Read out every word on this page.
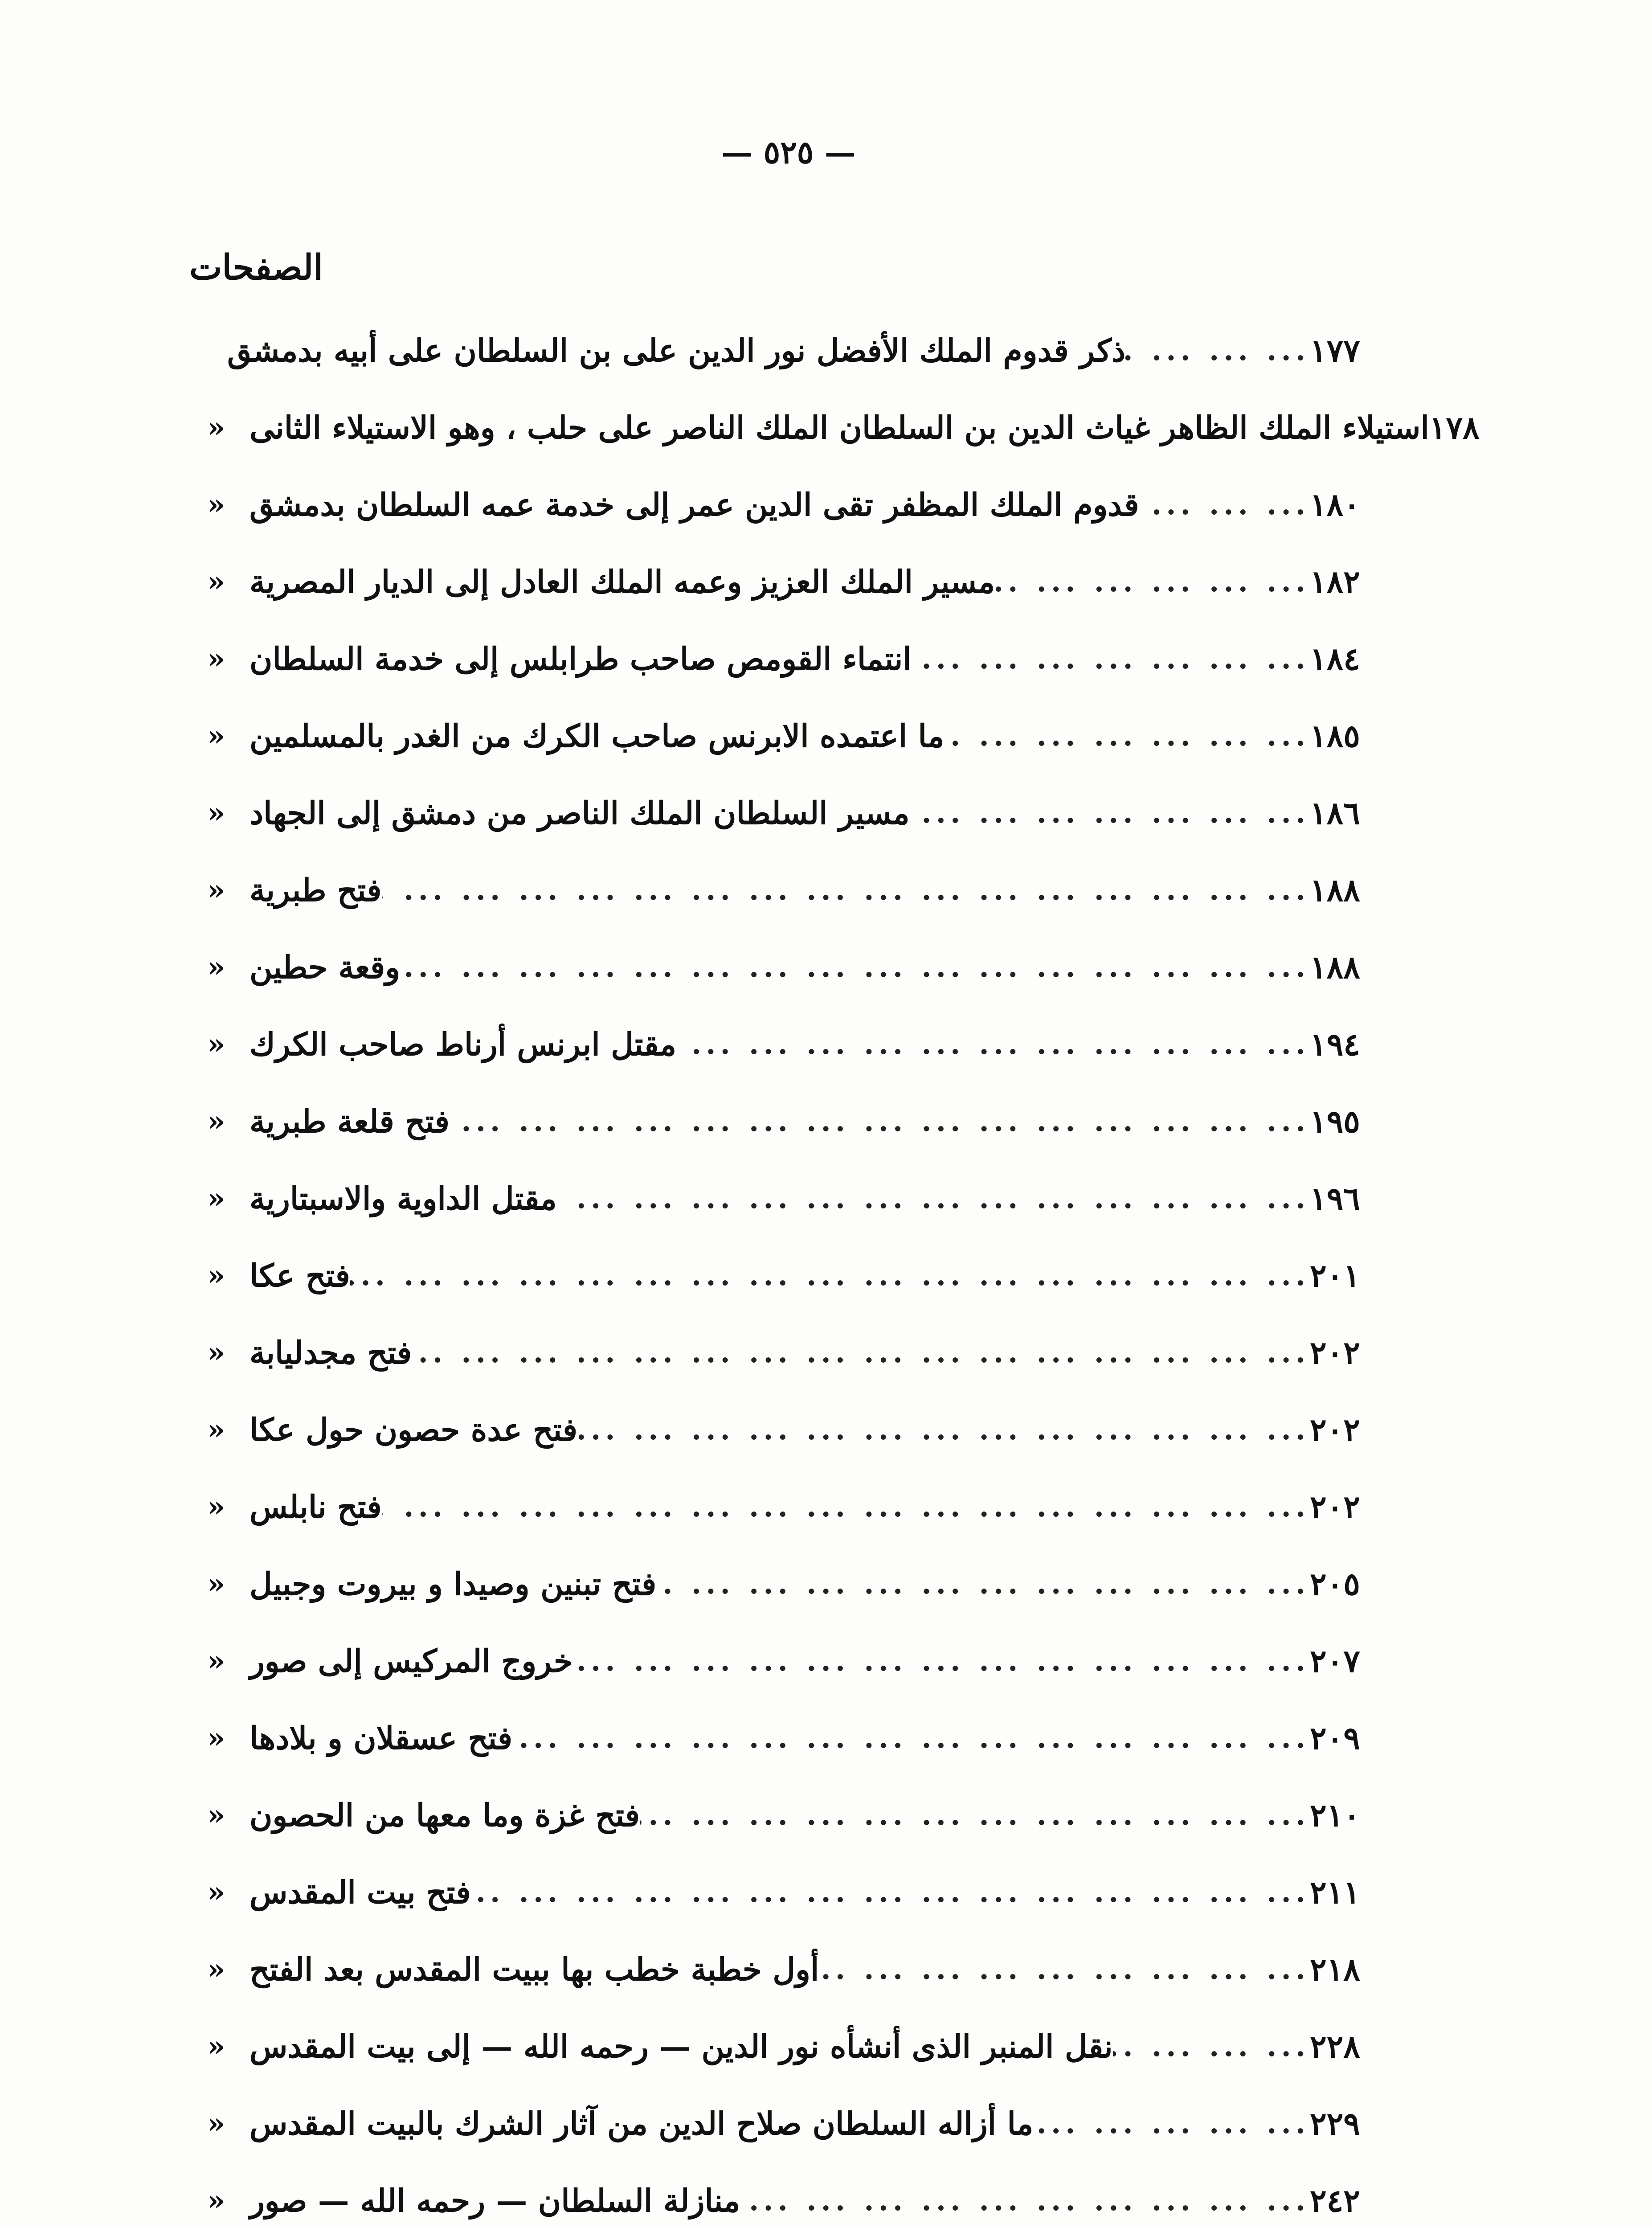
— ٥٢٥ —
الصفحات
ذكر قدوم الملك الأفضل نور الدين على بن السلطان على أبيه بدمشق ... .	١٧٧
« استيلاء الملك الظاهر غياث الدين بن السلطان الملك الناصر على حلب ، وهو الاستيلاء الثانى ١٧٨
« قدوم الملك المظفر تقى الدين عمر إلى خدمة عمه السلطان بدمشق ... .	١٨٠
« مسير الملك العزيز وعمه الملك العادل إلى الديار المصرية ... .	١٨٢
« انتماء القومص صاحب طرابلس إلى خدمة السلطان ... .	١٨٤
« ما اعتمده الابرنس صاحب الكرك من الغدر بالمسلمين ... .	١٨٥
« مسير السلطان الملك الناصر من دمشق إلى الجهاد ... .	١٨٦
« فتح طبرية ... .	١٨٨
« وقعة حطين ... .	١٨٨
« مقتل ابرنس أرناط صاحب الكرك ... .	١٩٤
« فتح قلعة طبرية ... .	١٩٥
« مقتل الداوية والاسبتارية ... .	١٩٦
« فتح عكا ... .	٢٠١
« فتح مجدليابة ... .	٢٠٢
« فتح عدة حصون حول عكا ... .	٢٠٢
« فتح نابلس ... .	٢٠٢
« فتح تبنين وصيدا و بيروت وجبيل ... .	٢٠٥
« خروج المركيس إلى صور ... .	٢٠٧
« فتح عسقلان و بلادها ... .	٢٠٩
« فتح غزة وما معها من الحصون ... .	٢١٠
« فتح بيت المقدس ... .	٢١١
« أول خطبة خطب بها ببيت المقدس بعد الفتح ... .	٢١٨
« نقل المنبر الذى أنشأه نور الدين — رحمه الله — إلى بيت المقدس ... .	٢٢٨
« ما أزاله السلطان صلاح الدين من آثار الشرك بالبيت المقدس ... .	٢٢٩
« منازلة السلطان — رحمه الله — صور ... .	٢٤٢
